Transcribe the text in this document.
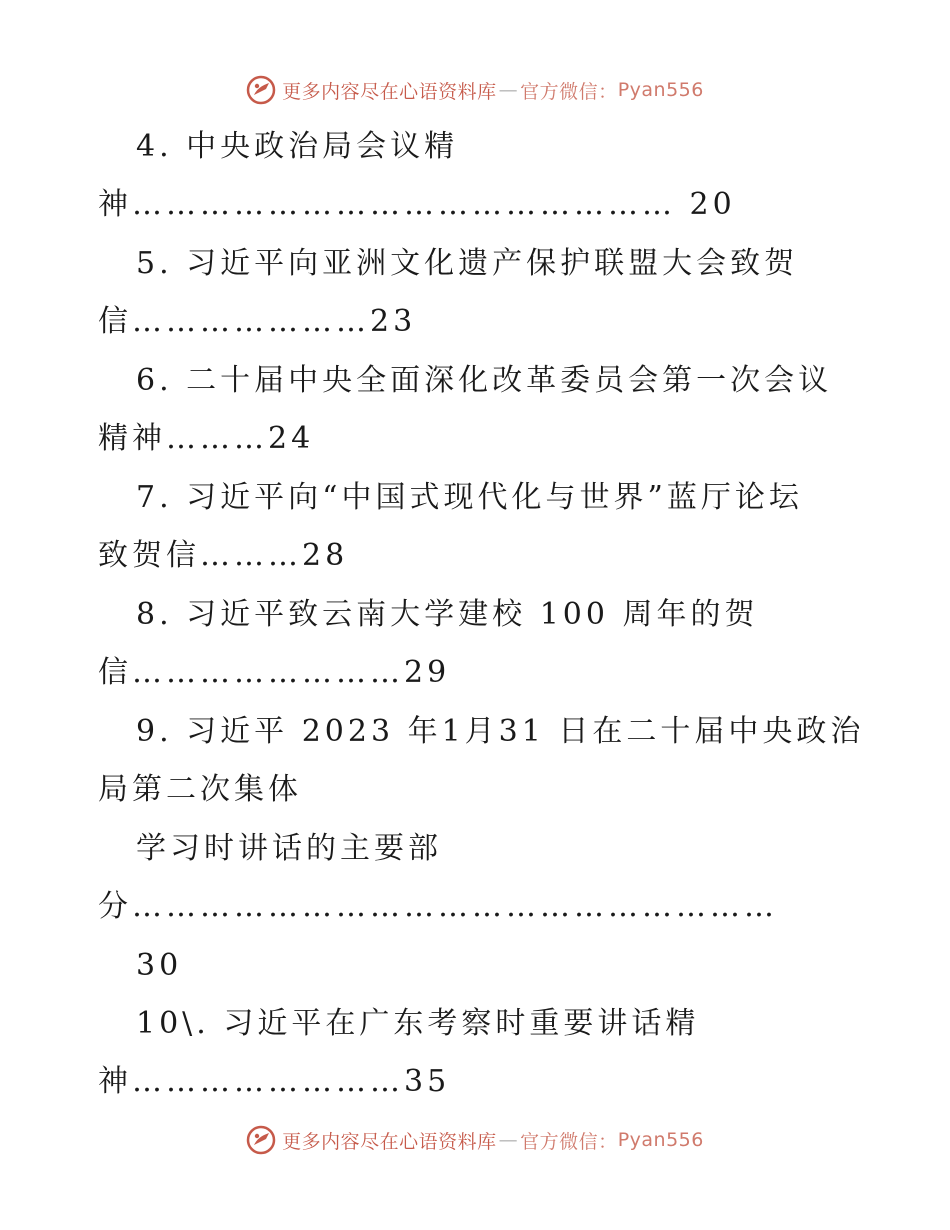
更多内容尽在心语资料库 — 官方微信： Pyan556
4. 中央政治局会议精
神………………………………………… 20
5. 习近平向亚洲文化遗产保护联盟大会致贺
信…………………23
6. 二十届中央全面深化改革委员会第一次会议
精神………24
7. 习近平向“中国式现代化与世界”蓝厅论坛
致贺信………28
8. 习近平致云南大学建校 100 周年的贺
信……………………29
9. 习近平 2023 年1月31 日在二十届中央政治
局第二次集体
学习时讲话的主要部
分…………………………………………………
30
10\. 习近平在广东考察时重要讲话精
神……………………35
更多内容尽在心语资料库 — 官方微信： Pyan556
